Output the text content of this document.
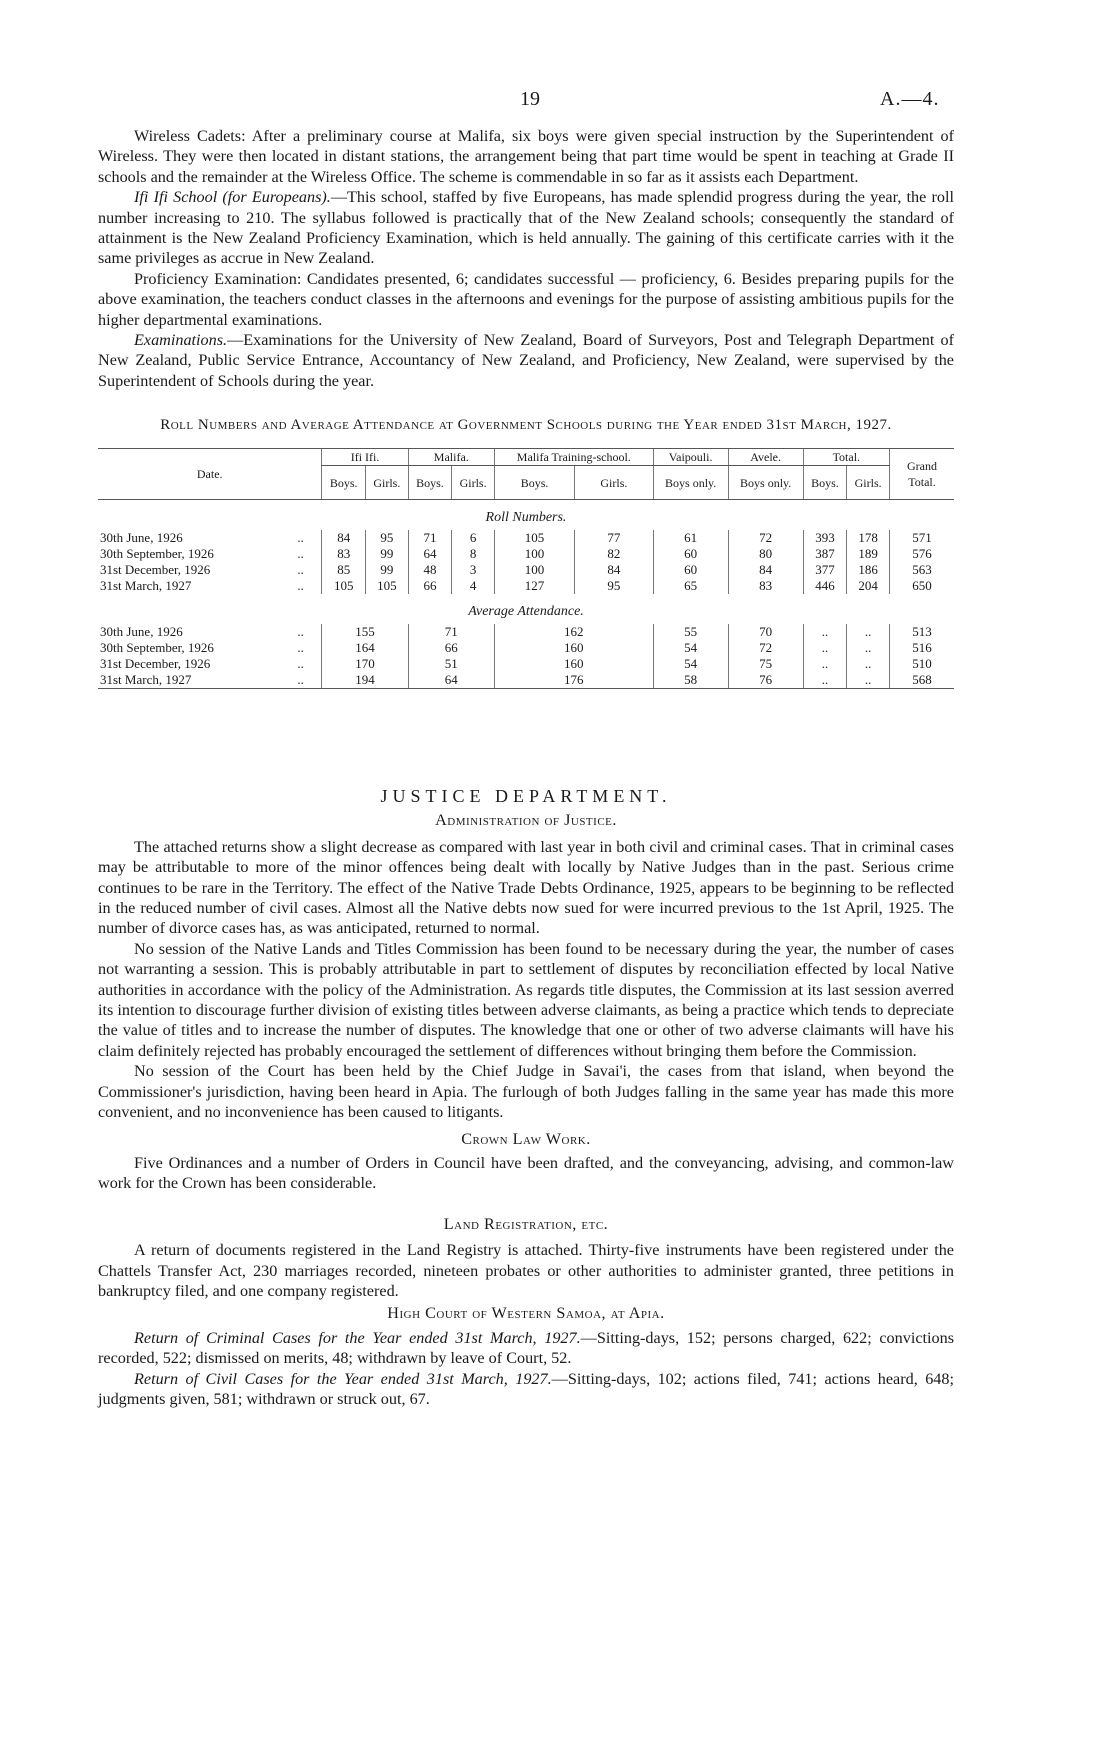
19	A.—4.

Wireless Cadets: After a preliminary course at Malifa, six boys were given special instruction by the Superintendent of Wireless. They were then located in distant stations, the arrangement being that part time would be spent in teaching at Grade II schools and the remainder at the Wireless Office. The scheme is commendable in so far as it assists each Department.

Ifi Ifi School (for Europeans).—This school, staffed by five Europeans, has made splendid progress during the year, the roll number increasing to 210. The syllabus followed is practically that of the New Zealand schools; consequently the standard of attainment is the New Zealand Proficiency Examination, which is held annually. The gaining of this certificate carries with it the same privileges as accrue in New Zealand.

Proficiency Examination: Candidates presented, 6; candidates successful — proficiency, 6. Besides preparing pupils for the above examination, the teachers conduct classes in the afternoons and evenings for the purpose of assisting ambitious pupils for the higher departmental examinations.

Examinations.—Examinations for the University of New Zealand, Board of Surveyors, Post and Telegraph Department of New Zealand, Public Service Entrance, Accountancy of New Zealand, and Proficiency, New Zealand, were supervised by the Superintendent of Schools during the year.

Roll Numbers and Average Attendance at Government Schools during the Year ended 31st March, 1927.
Date.		Ifi Ifi.		Malifa.		Malifa Training-school.		Vaipouli.	Avele.	Total.		Grand Total.
		Boys.	Girls.	Boys.	Girls.	Boys.	Girls.	Boys only.	Boys only.	Boys.	Girls.	
Roll Numbers.												
30th June, 1926	..	84	95	71	6	105	77	61	72	393	178	571
30th September, 1926	..	83	99	64	8	100	82	60	80	387	189	576
31st December, 1926	..	85	99	48	3	100	84	60	84	377	186	563
31st March, 1927	..	105	105	66	4	127	95	65	83	446	204	650
Average Attendance.												
30th June, 1926	..	155		71		162		55	70	..	..	513
30th September, 1926	..	164		66		160		54	72	..	..	516
31st December, 1926	..	170		51		160		54	75	..	..	510
31st March, 1927	..	194		64		176		58	76	..	..	568
JUSTICE DEPARTMENT.
Administration of Justice.

The attached returns show a slight decrease as compared with last year in both civil and criminal cases. That in criminal cases may be attributable to more of the minor offences being dealt with locally by Native Judges than in the past. Serious crime continues to be rare in the Territory. The effect of the Native Trade Debts Ordinance, 1925, appears to be beginning to be reflected in the reduced number of civil cases. Almost all the Native debts now sued for were incurred previous to the 1st April, 1925. The number of divorce cases has, as was anticipated, returned to normal.

No session of the Native Lands and Titles Commission has been found to be necessary during the year, the number of cases not warranting a session. This is probably attributable in part to settlement of disputes by reconciliation effected by local Native authorities in accordance with the policy of the Administration. As regards title disputes, the Commission at its last session averred its intention to discourage further division of existing titles between adverse claimants, as being a practice which tends to depreciate the value of titles and to increase the number of disputes. The knowledge that one or other of two adverse claimants will have his claim definitely rejected has probably encouraged the settlement of differences without bringing them before the Commission.

No session of the Court has been held by the Chief Judge in Savai'i, the cases from that island, when beyond the Commissioner's jurisdiction, having been heard in Apia. The furlough of both Judges falling in the same year has made this more convenient, and no inconvenience has been caused to litigants.

Crown Law Work.

Five Ordinances and a number of Orders in Council have been drafted, and the conveyancing, advising, and common-law work for the Crown has been considerable.

Land Registration, etc.

A return of documents registered in the Land Registry is attached. Thirty-five instruments have been registered under the Chattels Transfer Act, 230 marriages recorded, nineteen probates or other authorities to administer granted, three petitions in bankruptcy filed, and one company registered.

High Court of Western Samoa, at Apia.

Return of Criminal Cases for the Year ended 31st March, 1927.—Sitting-days, 152; persons charged, 622; convictions recorded, 522; dismissed on merits, 48; withdrawn by leave of Court, 52.

Return of Civil Cases for the Year ended 31st March, 1927.—Sitting-days, 102; actions filed, 741; actions heard, 648; judgments given, 581; withdrawn or struck out, 67.
